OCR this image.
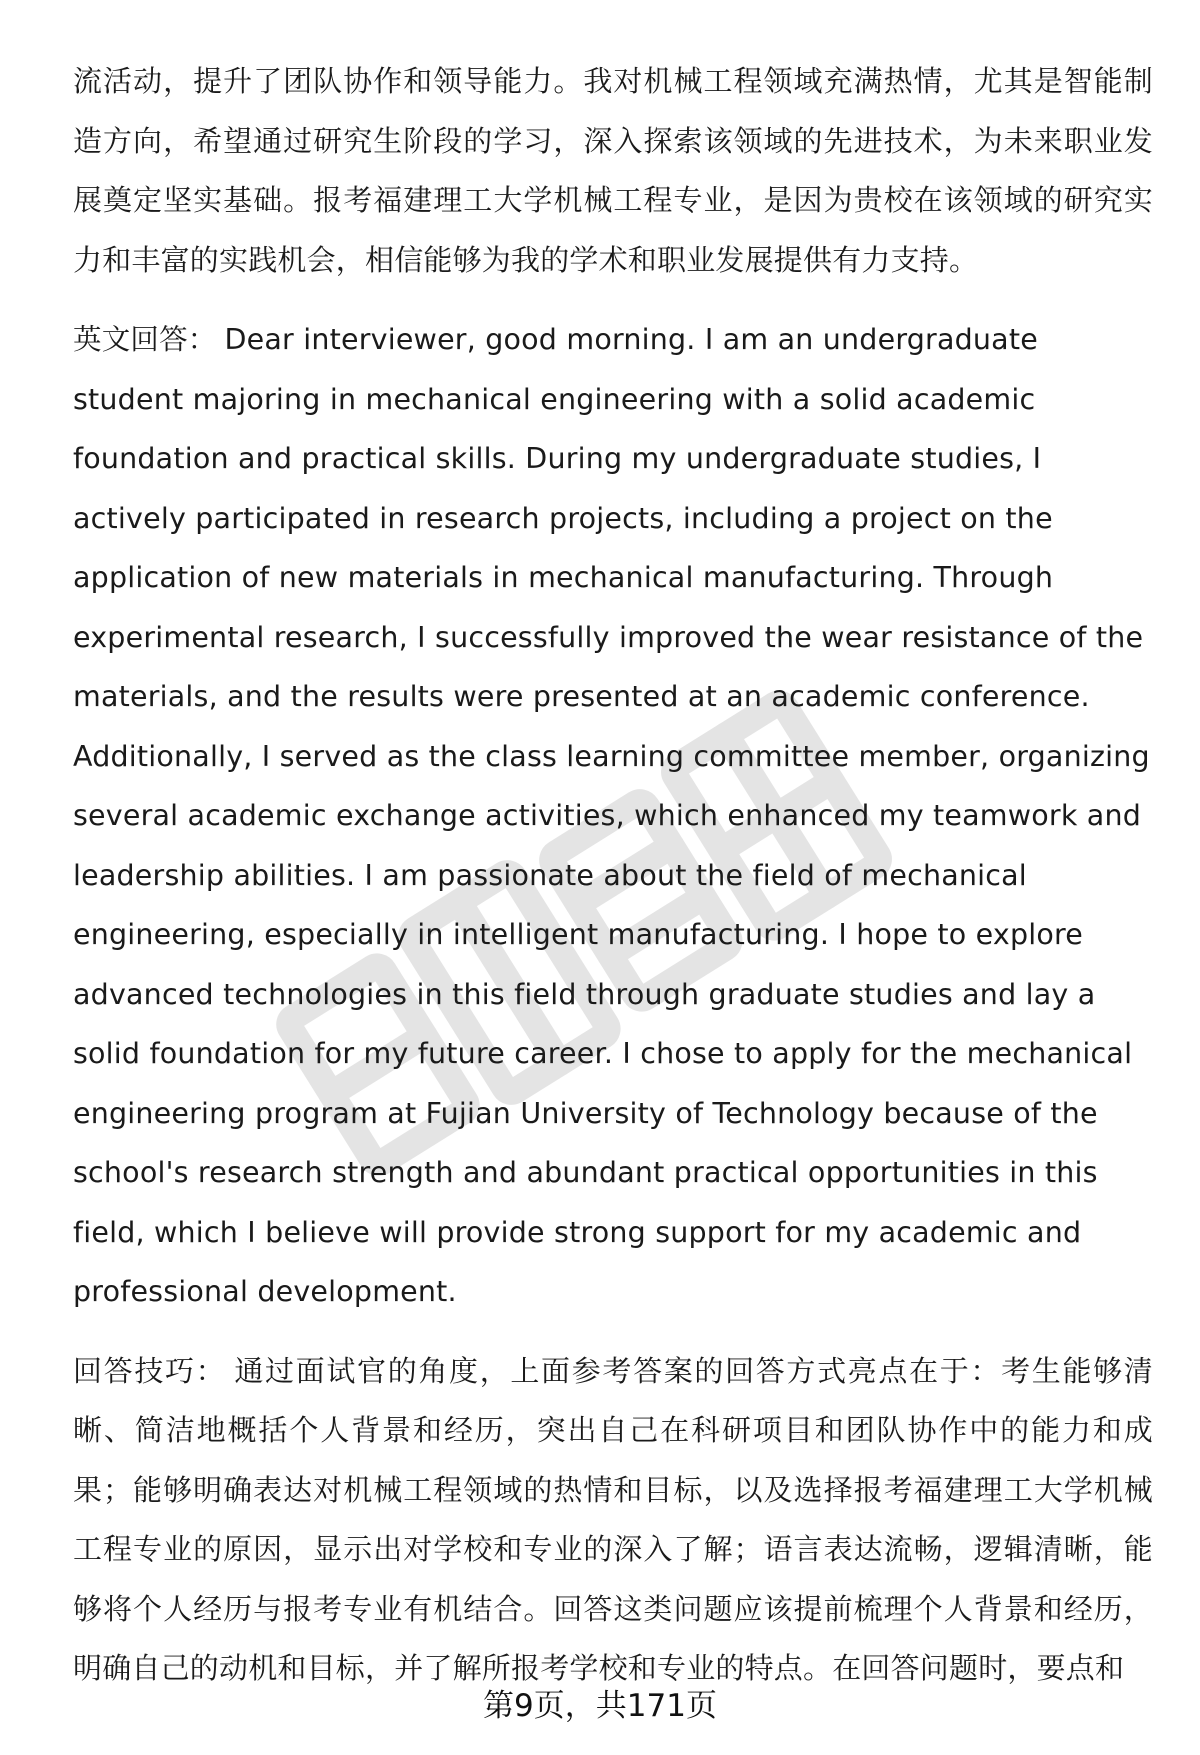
流活动，提升了团队协作和领导能力。我对机械工程领域充满热情，尤其是智能制造方向，希望通过研究生阶段的学习，深入探索该领域的先进技术，为未来职业发展奠定坚实基础。报考福建理工大学机械工程专业，是因为贵校在该领域的研究实力和丰富的实践机会，相信能够为我的学术和职业发展提供有力支持。

英文回答： Dear interviewer, good morning. I am an undergraduate student majoring in mechanical engineering with a solid academic foundation and practical skills. During my undergraduate studies, I actively participated in research projects, including a project on the application of new materials in mechanical manufacturing. Through experimental research, I successfully improved the wear resistance of the materials, and the results were presented at an academic conference. Additionally, I served as the class learning committee member, organizing several academic exchange activities, which enhanced my teamwork and leadership abilities. I am passionate about the field of mechanical engineering, especially in intelligent manufacturing. I hope to explore advanced technologies in this field through graduate studies and lay a solid foundation for my future career. I chose to apply for the mechanical engineering program at Fujian University of Technology because of the school's research strength and abundant practical opportunities in this field, which I believe will provide strong support for my academic and professional development.

回答技巧： 通过面试官的角度，上面参考答案的回答方式亮点在于：考生能够清晰、简洁地概括个人背景和经历，突出自己在科研项目和团队协作中的能力和成果；能够明确表达对机械工程领域的热情和目标，以及选择报考福建理工大学机械工程专业的原因，显示出对学校和专业的深入了解；语言表达流畅，逻辑清晰，能够将个人经历与报考专业有机结合。回答这类问题应该提前梳理个人背景和经历，明确自己的动机和目标，并了解所报考学校和专业的特点。在回答问题时，要点和

第9页，共171页
